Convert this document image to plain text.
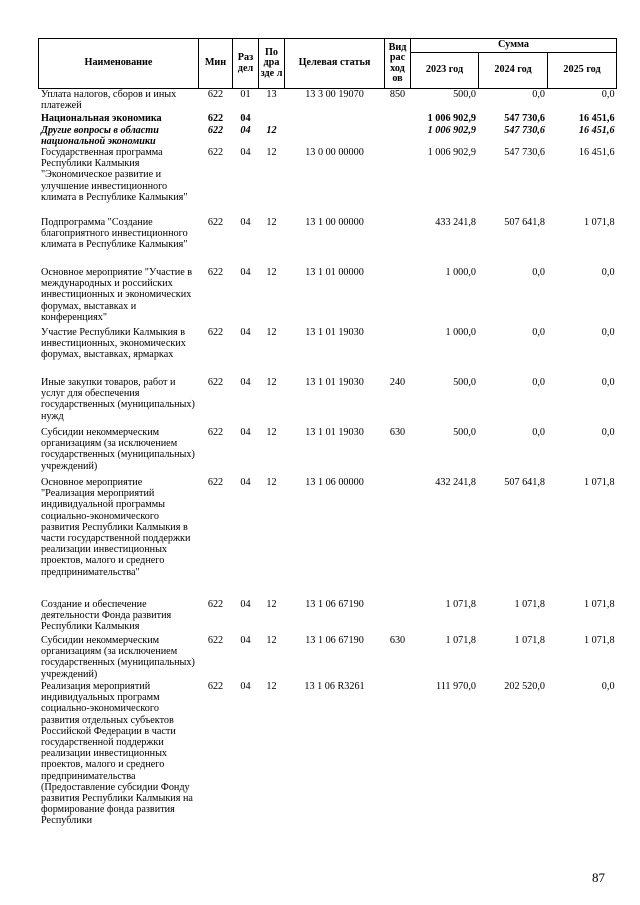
Наименование	Мин	Раз дел	По дра зде л	Целевая статья	Вид рас ход ов	Сумма		
						2023 год	2024 год	2025 год
Уплата налогов, сборов и иных платежей	622	01	13	13 3 00 19070	850	500,0	0,0	0,0
Национальная экономика	622	04				1 006 902,9	547 730,6	16 451,6
Другие вопросы в области национальной экономики	622	04	12			1 006 902,9	547 730,6	16 451,6
Государственная программа Республики Калмыкия "Экономическое развитие и улучшение инвестиционного климата в Республике Калмыкия"	622	04	12	13 0 00 00000		1 006 902,9	547 730,6	16 451,6
Подпрограмма "Создание благоприятного инвестиционного климата в Республике Калмыкия"	622	04	12	13 1 00 00000		433 241,8	507 641,8	1 071,8
Основное мероприятие "Участие в международных и российских инвестиционных и экономических форумах, выставках и конференциях"	622	04	12	13 1 01 00000		1 000,0	0,0	0,0
Участие Республики Калмыкия в инвестиционных, экономических форумах, выставках, ярмарках	622	04	12	13 1 01 19030		1 000,0	0,0	0,0
Иные закупки товаров, работ и услуг для обеспечения государственных (муниципальных) нужд	622	04	12	13 1 01 19030	240	500,0	0,0	0,0
Субсидии некоммерческим организациям (за исключением государственных (муниципальных) учреждений)	622	04	12	13 1 01 19030	630	500,0	0,0	0,0
Основное мероприятие "Реализация мероприятий индивидуальной программы социально-экономического развития Республики Калмыкия в части государственной поддержки реализации инвестиционных проектов, малого и среднего предпринимательства"	622	04	12	13 1 06 00000		432 241,8	507 641,8	1 071,8
Создание и обеспечение деятельности Фонда развития Республики Калмыкия	622	04	12	13 1 06 67190		1 071,8	1 071,8	1 071,8
Субсидии некоммерческим организациям (за исключением государственных (муниципальных) учреждений)	622	04	12	13 1 06 67190	630	1 071,8	1 071,8	1 071,8
Реализация мероприятий индивидуальных программ социально-экономического развития отдельных субъектов Российской Федерации в части государственной поддержки реализации инвестиционных проектов, малого и среднего предпринимательства (Предоставление субсидии Фонду развития Республики Калмыкия на формирование фонда развития Республики	622	04	12	13 1 06 R3261		111 970,0	202 520,0	0,0
87
